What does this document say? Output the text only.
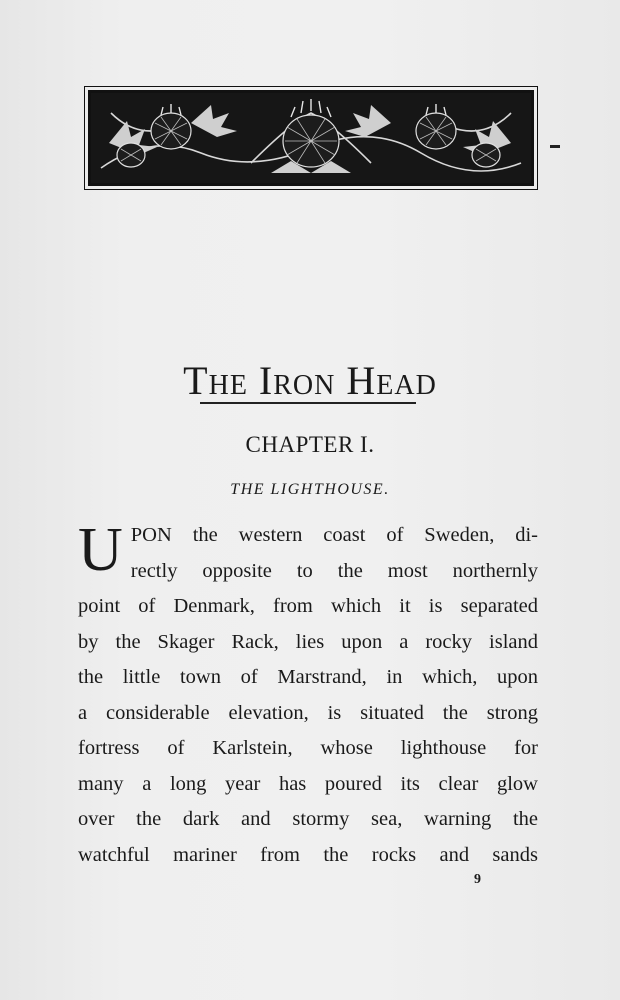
The Iron Head
CHAPTER I.
THE LIGHTHOUSE.
U PON the western coast of Sweden, di-
rectly opposite to the most northernly
point of Denmark, from which it is separated
by the Skager Rack, lies upon a rocky island
the little town of Marstrand, in which, upon
a considerable elevation, is situated the strong
fortress of Karlstein, whose lighthouse for
many a long year has poured its clear glow
over the dark and stormy sea, warning the
watchful mariner from the rocks and sands
9
